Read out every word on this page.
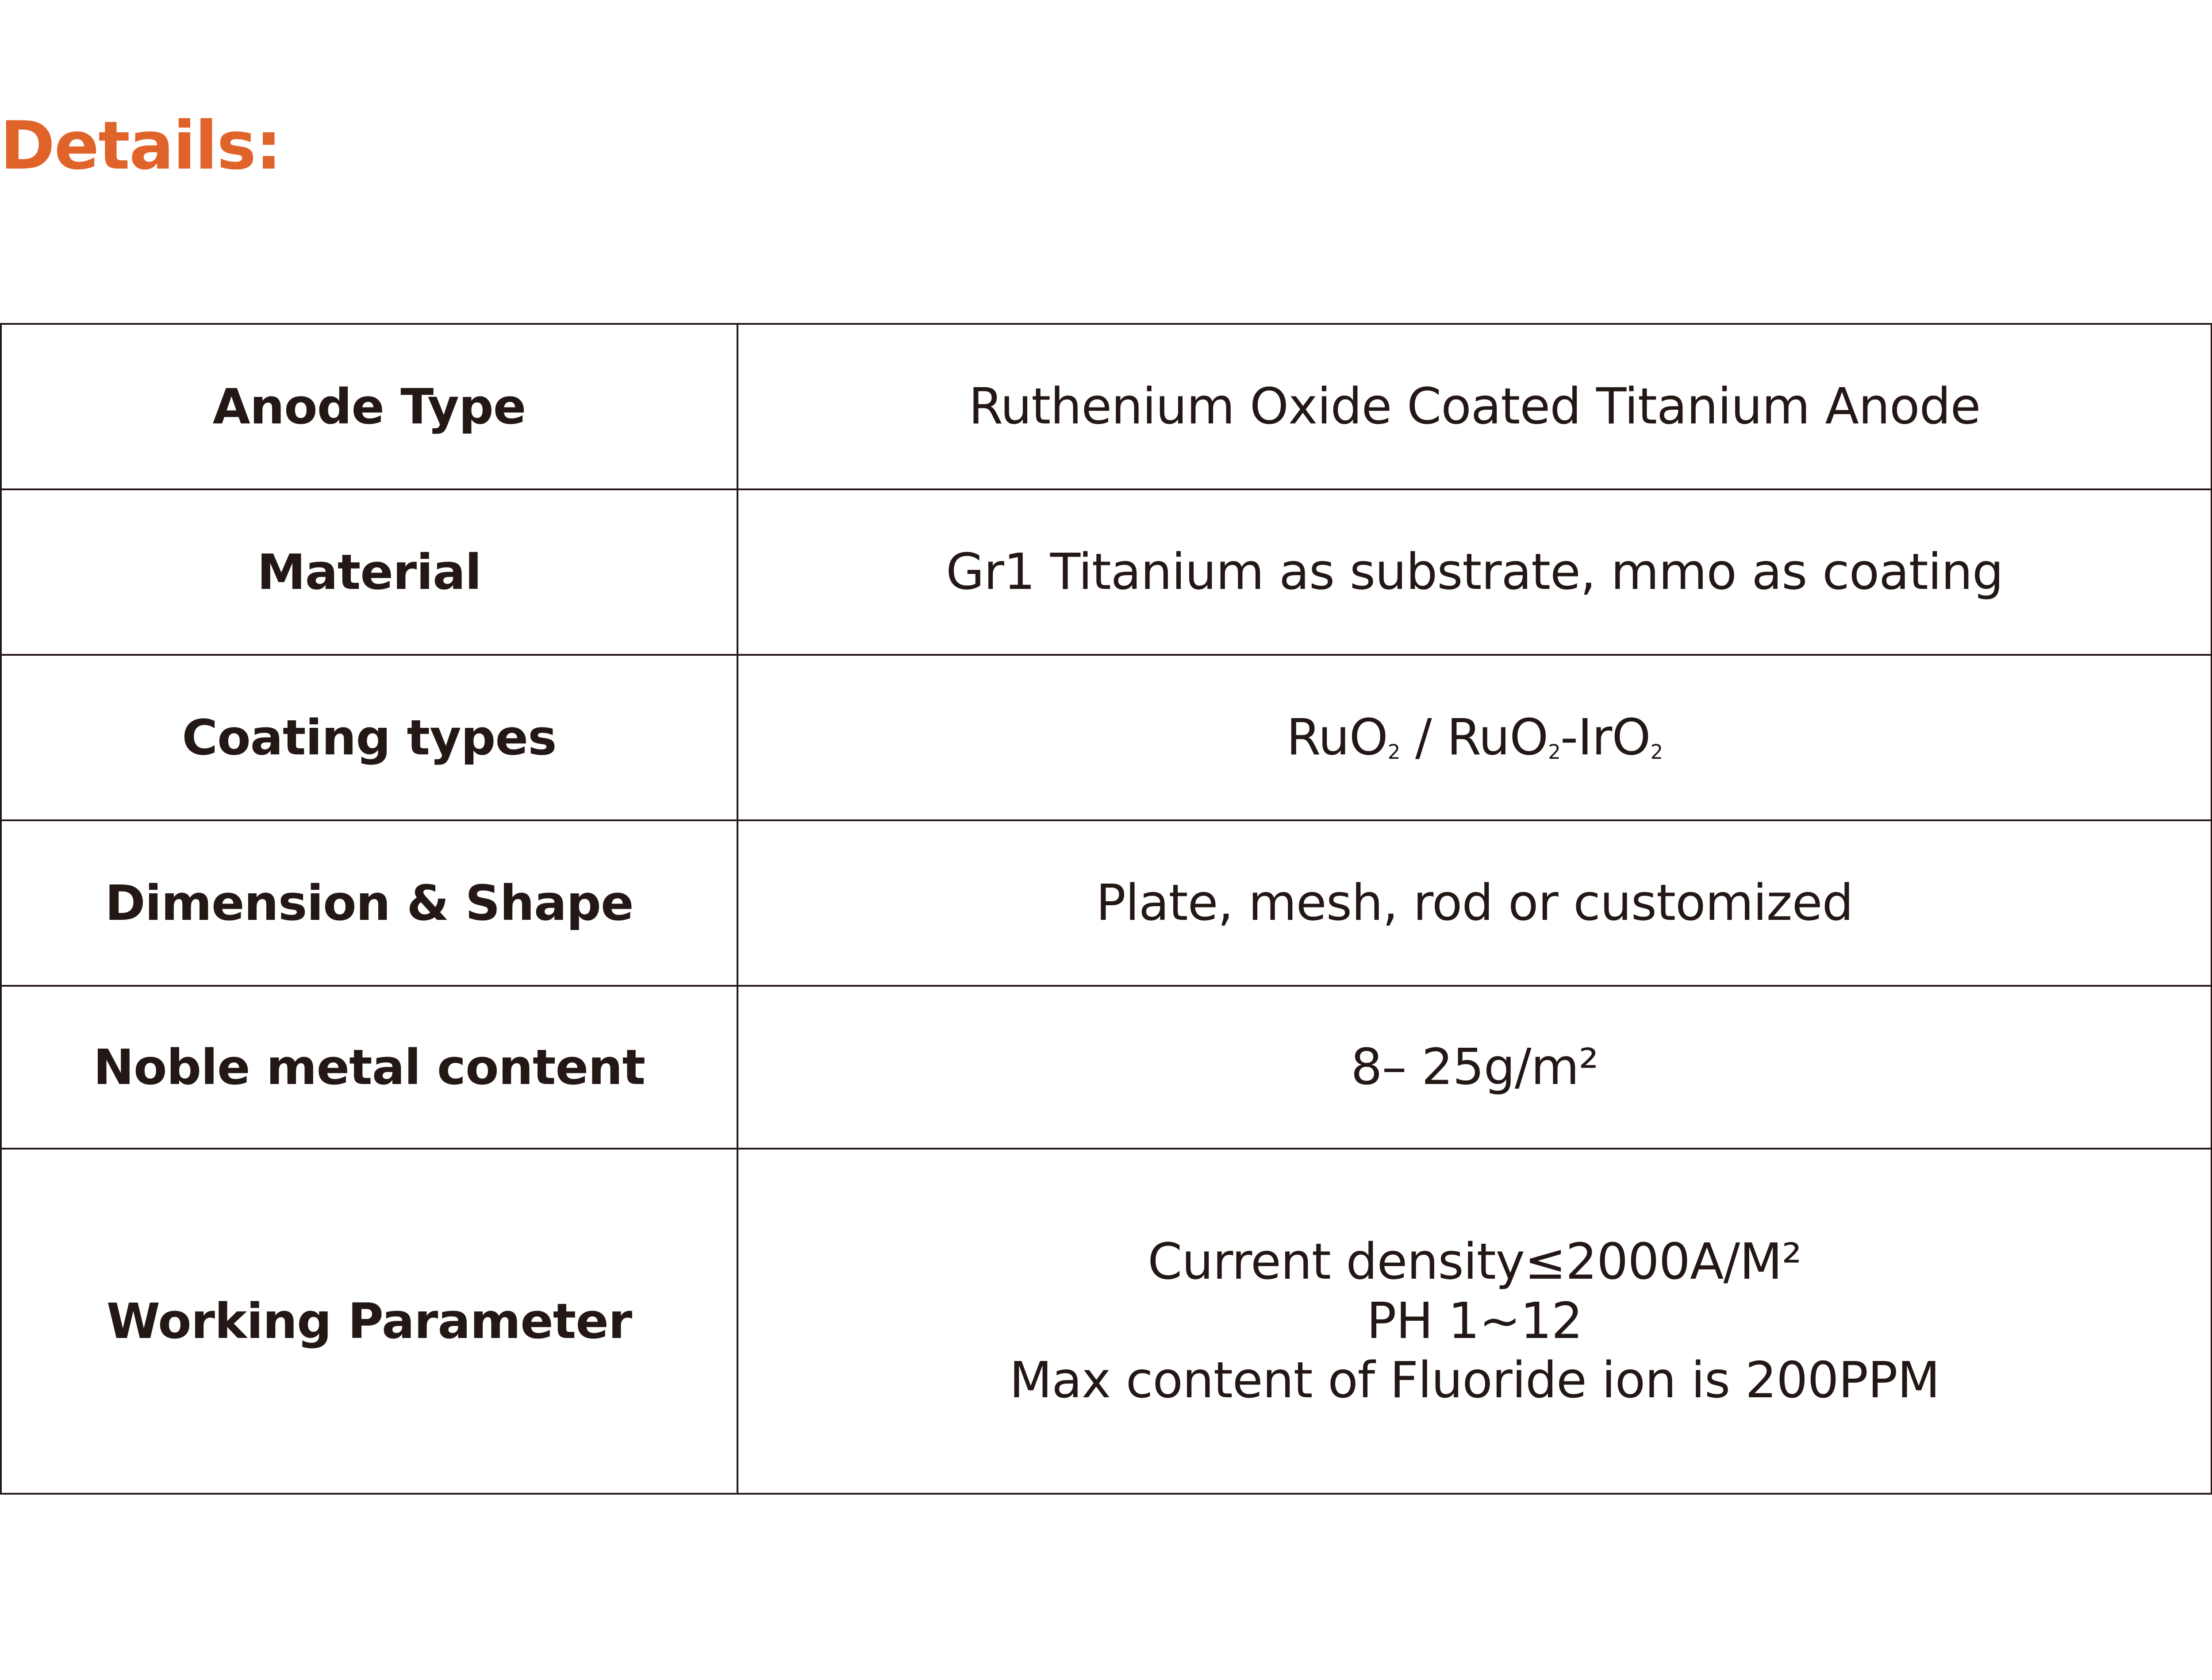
Details:
Anode Type	Ruthenium Oxide Coated Titanium Anode
Material	Gr1 Titanium as substrate, mmo as coating
Coating types	RuO$_2$ / RuO$_2$-IrO$_2$
Dimension & Shape	Plate, mesh, rod or customized
Noble metal content	8– 25g/m²
Working Parameter	Current density≤2000A/M²
PH 1~12
Max content of Fluoride ion is 200PPM
